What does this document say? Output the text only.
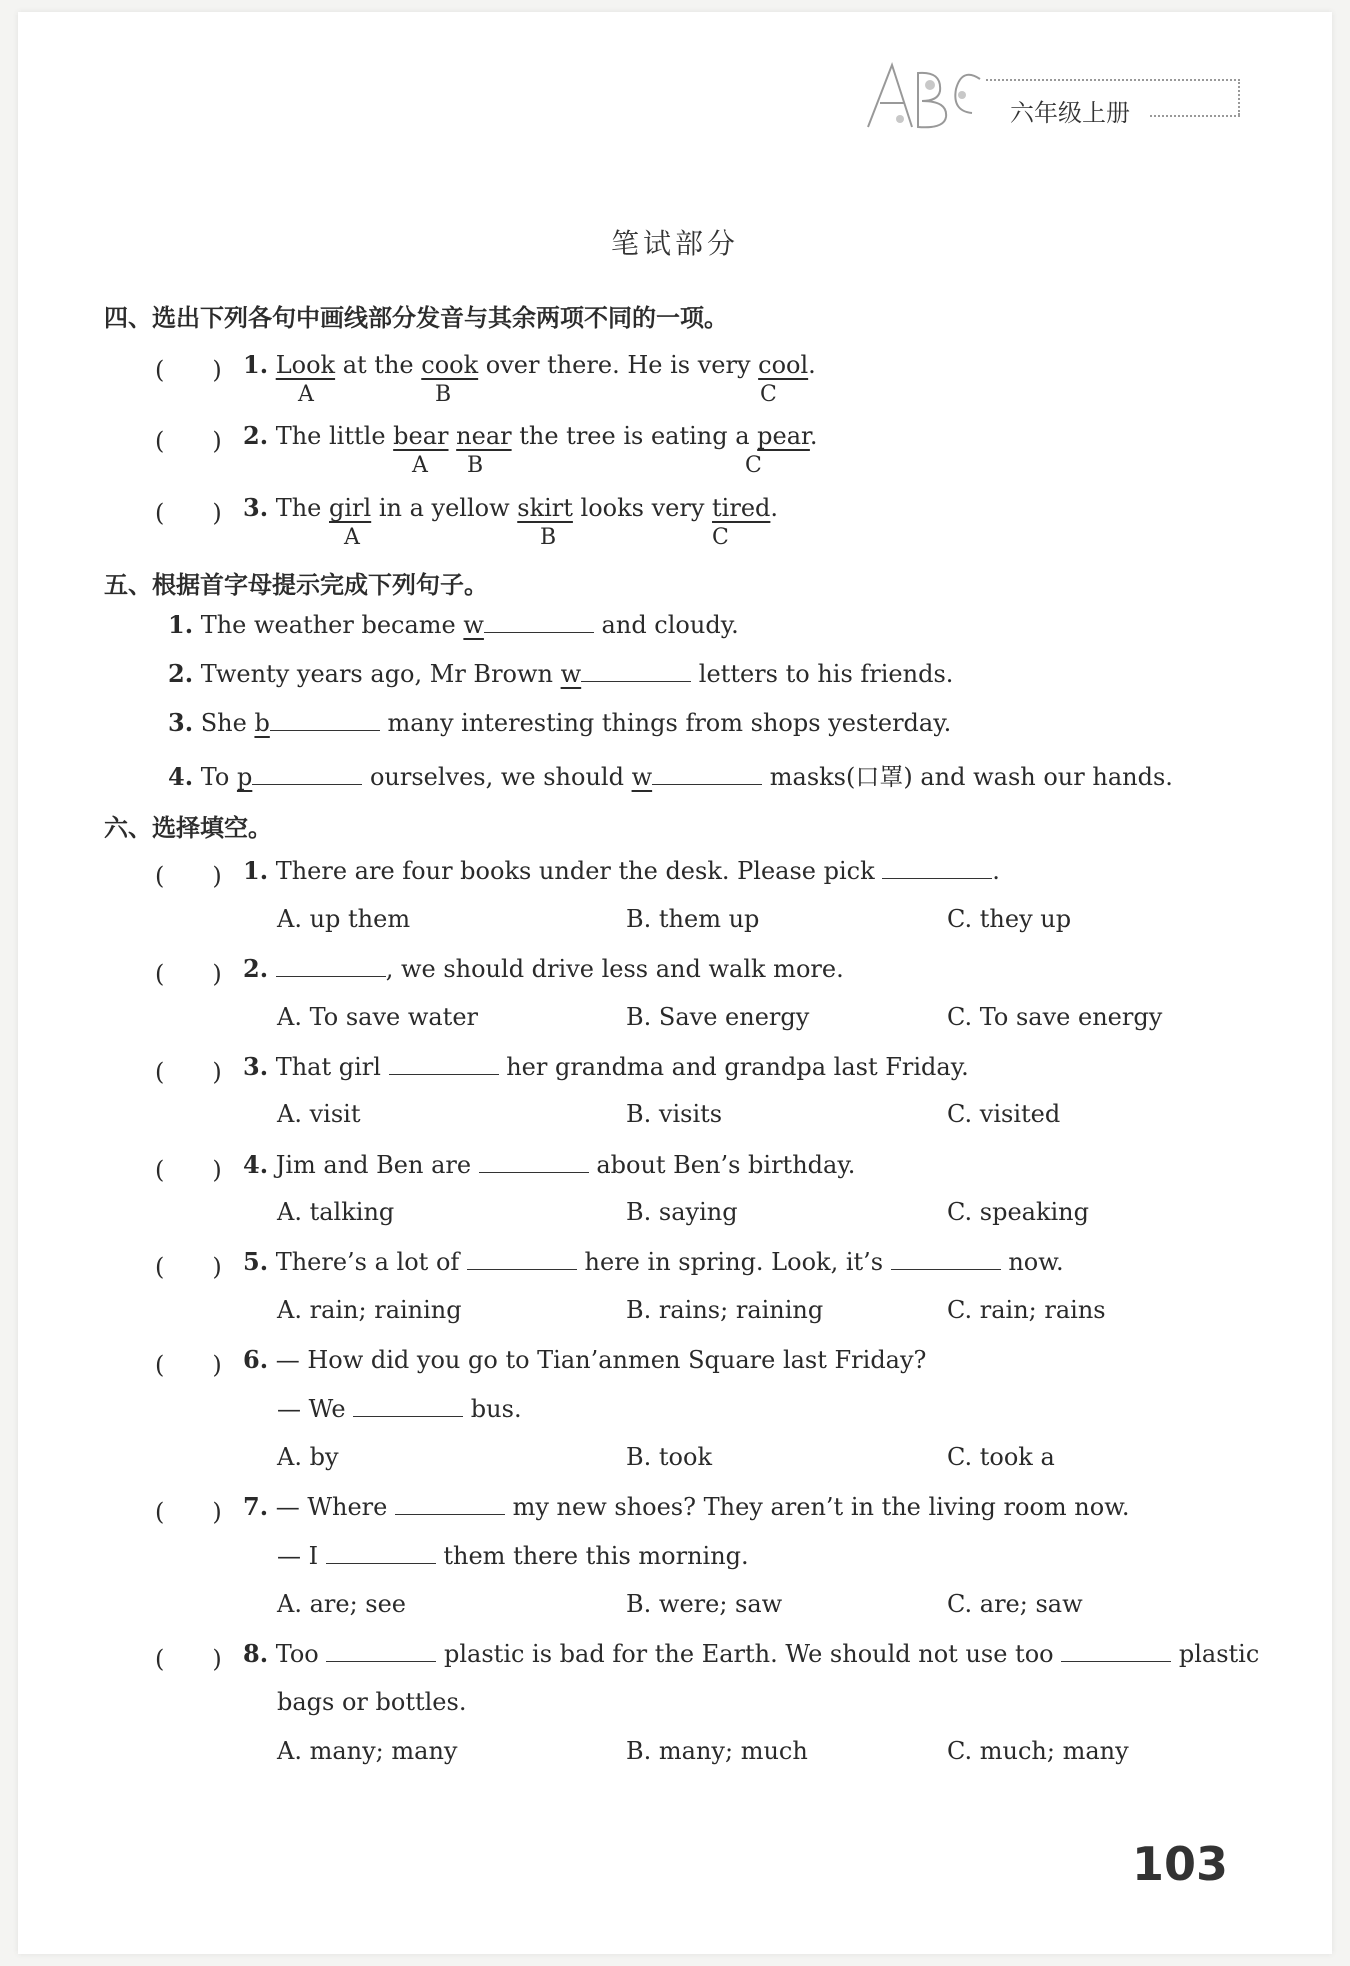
六年级上册
笔试部分
四、选出下列各句中画线部分发音与其余两项不同的一项。
(　　) 1. Look at the cook over there. He is very cool.
A	B	C
(　　) 2. The little bear near the tree is eating a pear.
A B	C
(　　) 3. The girl in a yellow skirt looks very tired.
A	B	C
五、根据首字母提示完成下列句子。
1. The weather became w	and cloudy.
2. Twenty years ago, Mr Brown w	letters to his friends.
3. She b	many interesting things from shops yesterday.
4. To p	ourselves, we should w	masks(口罩) and wash our hands.
六、选择填空。
(　　) 1. There are four books under the desk. Please pick	.
A. up them	B. them up	C. they up
(　　) 2.	, we should drive less and walk more.
A. To save water	B. Save energy	C. To save energy
(　　) 3. That girl	her grandma and grandpa last Friday.
A. visit	B. visits	C. visited
(　　) 4. Jim and Ben are	about Ben’s birthday.
A. talking	B. saying	C. speaking
(　　) 5. There’s a lot of	here in spring. Look, it’s	now.
A. rain; raining	B. rains; raining	C. rain; rains
(　　) 6. — How did you go to Tian’anmen Square last Friday?
— We	bus.
A. by	B. took	C. took a
(　　) 7. — Where	my new shoes? They aren’t in the living room now.
— I	them there this morning.
A. are; see	B. were; saw	C. are; saw
(　　) 8. Too	plastic is bad for the Earth. We should not use too	plastic
bags or bottles.
A. many; many	B. many; much	C. much; many
103
